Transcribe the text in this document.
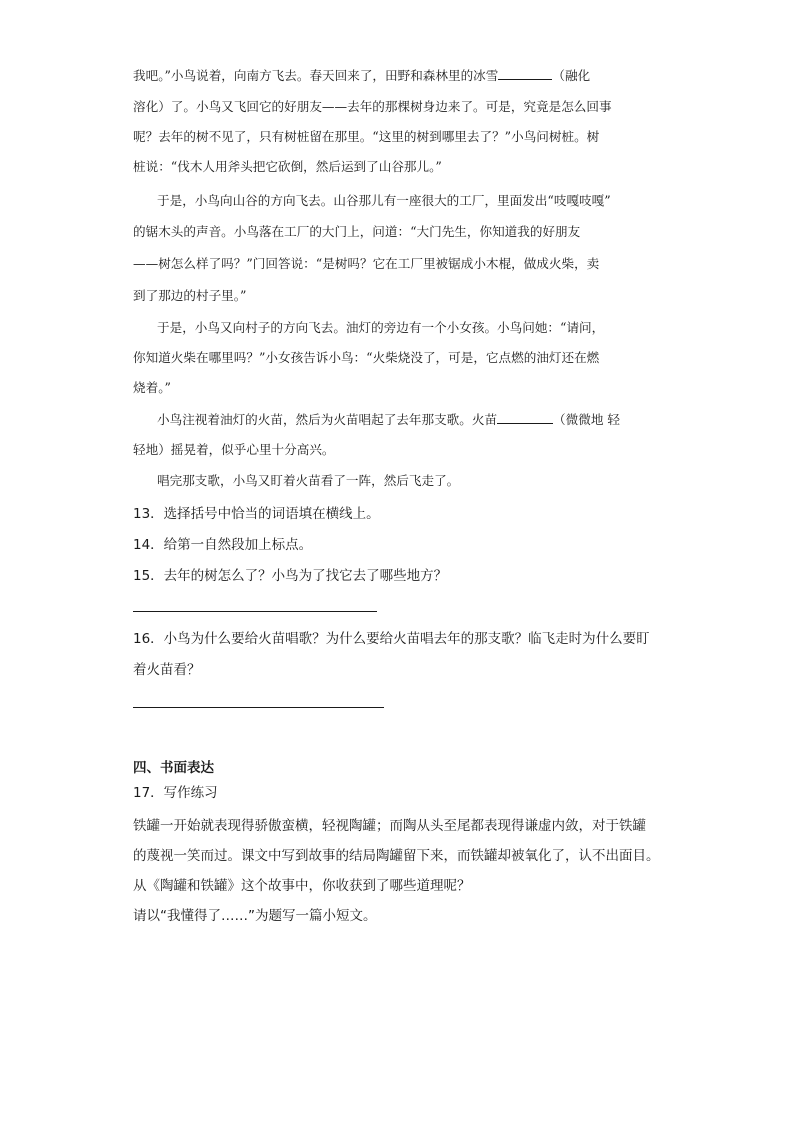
我吧。”小鸟说着，向南方飞去。春天回来了，田野和森林里的冰雪	（融化
溶化）了。小鸟又飞回它的好朋友——去年的那棵树身边来了。可是，究竟是怎么回事
呢？去年的树不见了，只有树桩留在那里。“这里的树到哪里去了？”小鸟问树桩。树
桩说：“伐木人用斧头把它砍倒，然后运到了山谷那儿。”
于是，小鸟向山谷的方向飞去。山谷那儿有一座很大的工厂，里面发出“吱嘎吱嘎”
的锯木头的声音。小鸟落在工厂的大门上，问道：“大门先生，你知道我的好朋友
——树怎么样了吗？”门回答说：“是树吗？它在工厂里被锯成小木棍，做成火柴，卖
到了那边的村子里。”
于是，小鸟又向村子的方向飞去。油灯的旁边有一个小女孩。小鸟问她：“请问，
你知道火柴在哪里吗？”小女孩告诉小鸟：“火柴烧没了，可是，它点燃的油灯还在燃
烧着。”
小鸟注视着油灯的火苗，然后为火苗唱起了去年那支歌。火苗	（微微地 轻
轻地）摇晃着，似乎心里十分高兴。
唱完那支歌，小鸟又盯着火苗看了一阵，然后飞走了。
13．选择括号中恰当的词语填在横线上。
14．给第一自然段加上标点。
15．去年的树怎么了？小鸟为了找它去了哪些地方？
16．小鸟为什么要给火苗唱歌？为什么要给火苗唱去年的那支歌？临飞走时为什么要盯
着火苗看？
四、书面表达
17．写作练习
铁罐一开始就表现得骄傲蛮横，轻视陶罐；而陶从头至尾都表现得谦虚内敛，对于铁罐
的蔑视一笑而过。课文中写到故事的结局陶罐留下来，而铁罐却被氧化了，认不出面目。
从《陶罐和铁罐》这个故事中，你收获到了哪些道理呢？
请以“我懂得了……”为题写一篇小短文。
